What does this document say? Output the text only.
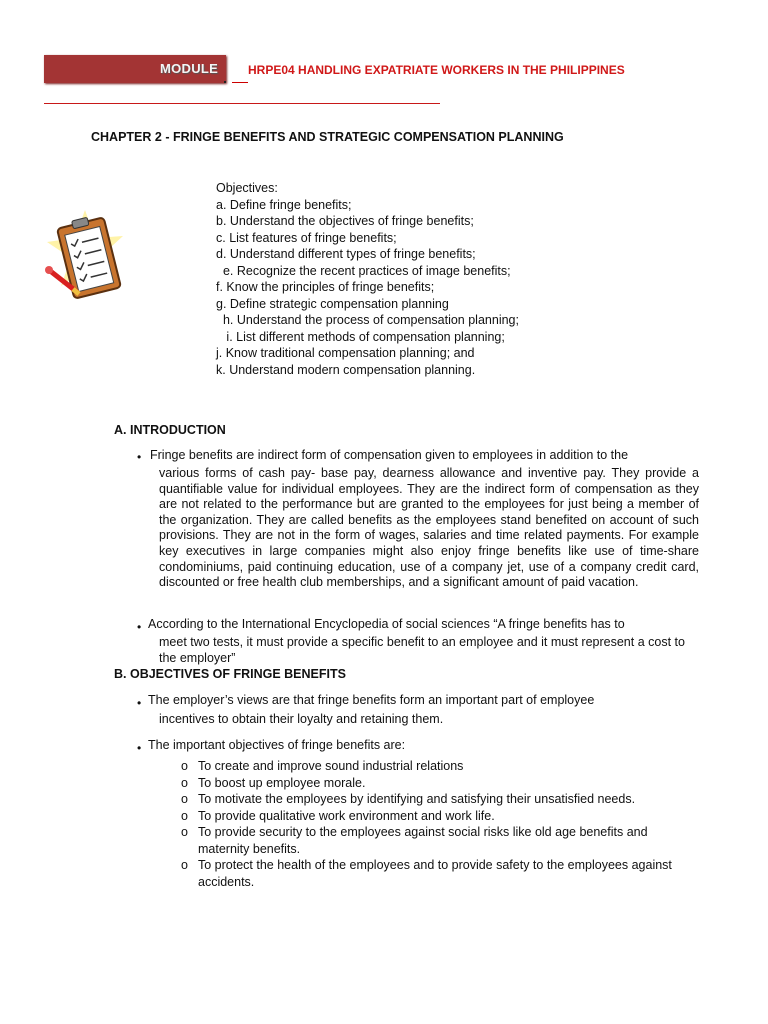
MODULE HRPE04 HANDLING EXPATRIATE WORKERS IN THE PHILIPPINES
CHAPTER 2 - FRINGE BENEFITS AND STRATEGIC COMPENSATION PLANNING
Objectives:
a. Define fringe benefits;
b. Understand the objectives of fringe benefits;
c. List features of fringe benefits;
d. Understand different types of fringe benefits;
e. Recognize the recent practices of image benefits;
f. Know the principles of fringe benefits;
g. Define strategic compensation planning
h. Understand the process of compensation planning;
i. List different methods of compensation planning;
j. Know traditional compensation planning; and
k. Understand modern compensation planning.
A. INTRODUCTION
• Fringe benefits are indirect form of compensation given to employees in addition to the
various forms of cash pay- base pay, dearness allowance and inventive pay. They provide a quantifiable value for individual employees. They are the indirect form of compensation as they are not related to the performance but are granted to the employees for just being a member of the organization. They are called benefits as the employees stand benefited on account of such provisions. They are not in the form of wages, salaries and time related payments. For example key executives in large companies might also enjoy fringe benefits like use of time-share condominiums, paid continuing education, use of a company jet, use of a company credit card, discounted or free health club memberships, and a significant amount of paid vacation.
• According to the International Encyclopedia of social sciences “A fringe benefits has to
meet two tests, it must provide a specific benefit to an employee and it must represent a cost to the employer”
B. OBJECTIVES OF FRINGE BENEFITS
• The employer’s views are that fringe benefits form an important part of employee
incentives to obtain their loyalty and retaining them.
• The important objectives of fringe benefits are:
o To create and improve sound industrial relations
o To boost up employee morale.
o To motivate the employees by identifying and satisfying their unsatisfied needs.
o To provide qualitative work environment and work life.
o To provide security to the employees against social risks like old age benefits and maternity benefits.
o To protect the health of the employees and to provide safety to the employees against accidents.
